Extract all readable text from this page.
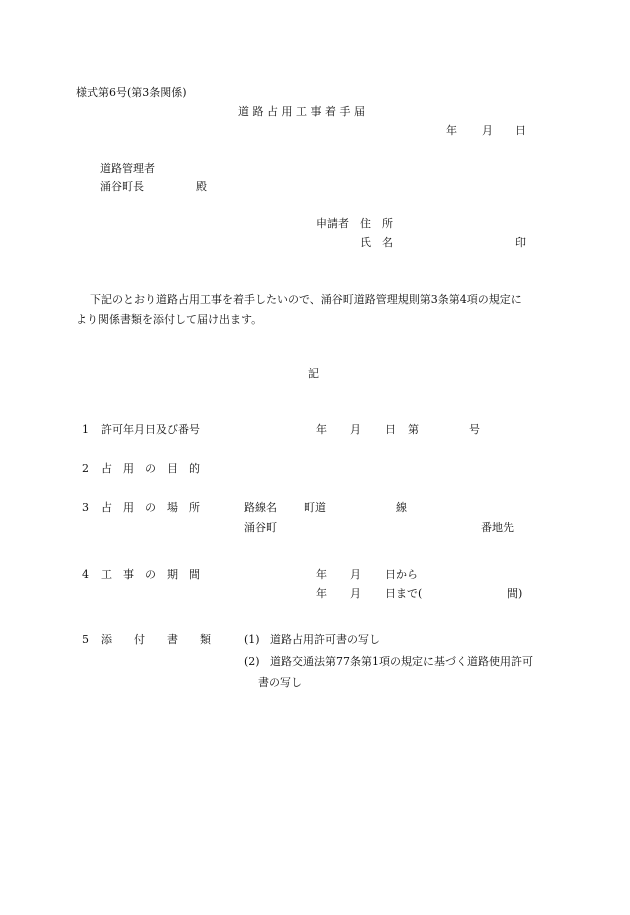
様式第6号(第3条関係)
道 路 占 用 工 事 着 手 届
年 月 日
道路管理者
涌谷町長	殿
申請者 住　所
氏　名	印
下記のとおり道路占用工事を着手したいので、涌谷町道路管理規則第3条第4項の規定に
より関係書類を添付して届け出ます。
記
1 許可年月日及び番号	年 月 日 第	号
2 占　用　の　目　的
3 占　用　の　場　所	路線名 町道	線
涌谷町	番地先
4 工　事　の　期　間	年 月 日から
年 月 日まで(	間)
5 添　　付　　書　　類	(1) 道路占用許可書の写し
(2) 道路交通法第77条第1項の規定に基づく道路使用許可
書の写し
